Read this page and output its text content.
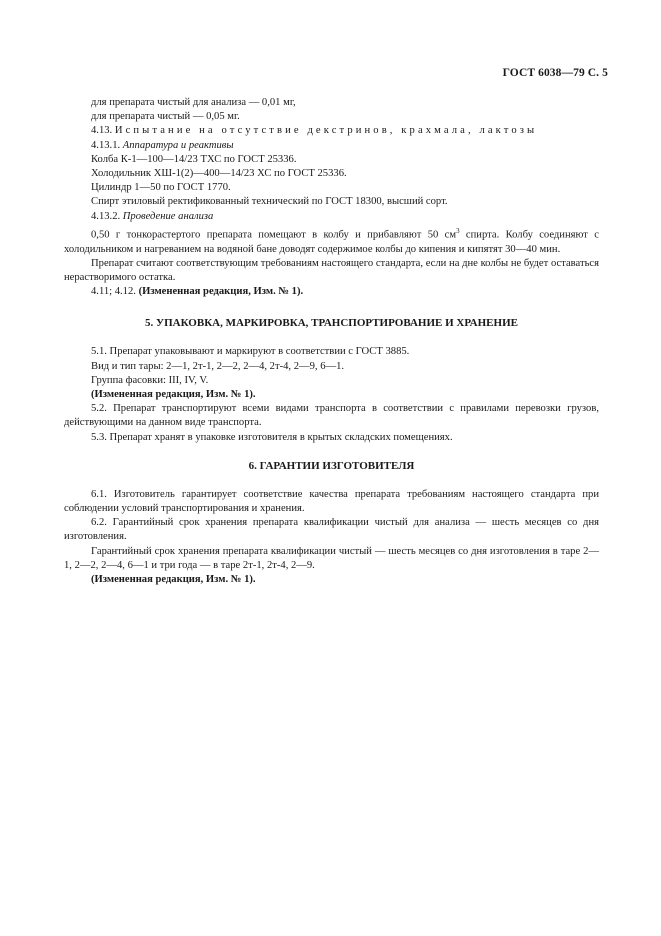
ГОСТ 6038—79 С. 5

для препарата чистый для анализа — 0,01 мг,

для препарата чистый — 0,05 мг.

4.13. Испытание на отсутствие декстринов, крахмала, лактозы

4.13.1. Аппаратура и реактивы

Колба К-1—100—14/23 ТХС по ГОСТ 25336.

Холодильник ХШ-1(2)—400—14/23 ХС по ГОСТ 25336.

Цилиндр 1—50 по ГОСТ 1770.

Спирт этиловый ректификованный технический по ГОСТ 18300, высший сорт.

4.13.2. Проведение анализа

0,50 г тонкорастертого препарата помещают в колбу и прибавляют 50 $см^3$ спирта. Колбу соединяют с холодильником и нагреванием на водяной бане доводят содержимое колбы до кипения и кипятят 30—40 мин.

Препарат считают соответствующим требованиям настоящего стандарта, если на дне колбы не будет оставаться нерастворимого остатка.

4.11; 4.12. (Измененная редакция, Изм. № 1).

5. УПАКОВКА, МАРКИРОВКА, ТРАНСПОРТИРОВАНИЕ И ХРАНЕНИЕ

5.1. Препарат упаковывают и маркируют в соответствии с ГОСТ 3885.

Вид и тип тары: 2—1, 2т-1, 2—2, 2—4, 2т-4, 2—9, 6—1.

Группа фасовки: III, IV, V.

(Измененная редакция, Изм. № 1).

5.2. Препарат транспортируют всеми видами транспорта в соответствии с правилами перевозки грузов, действующими на данном виде транспорта.

5.3. Препарат хранят в упаковке изготовителя в крытых складских помещениях.

6. ГАРАНТИИ ИЗГОТОВИТЕЛЯ

6.1. Изготовитель гарантирует соответствие качества препарата требованиям настоящего стандарта при соблюдении условий транспортирования и хранения.

6.2. Гарантийный срок хранения препарата квалификации чистый для анализа — шесть месяцев со дня изготовления.

Гарантийный срок хранения препарата квалификации чистый — шесть месяцев со дня изготовления в таре 2—1, 2—2, 2—4, 6—1 и три года — в таре 2т-1, 2т-4, 2—9.

(Измененная редакция, Изм. № 1).
